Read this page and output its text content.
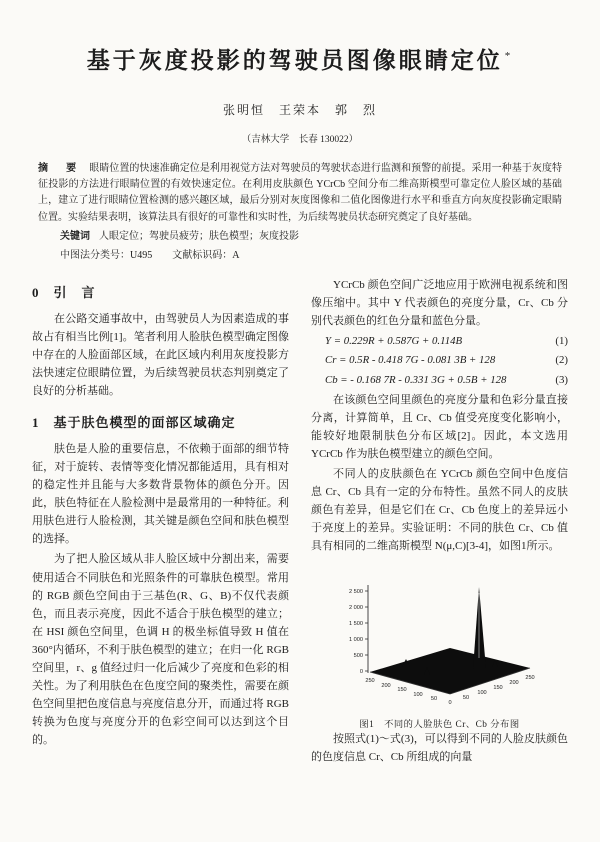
基于灰度投影的驾驶员图像眼睛定位 *
张明恒　王荣本　郭　烈
（吉林大学　长春 130022）

摘　要 眼睛位置的快速准确定位是利用视觉方法对驾驶员的驾驶状态进行监测和预警的前提。采用一种基于灰度特征投影的方法进行眼睛位置的有效快速定位。在利用皮肤颜色 YCrCb 空间分布二维高斯模型可靠定位人脸区域的基础上，建立了进行眼睛位置检测的感兴趣区域，最后分别对灰度图像和二值化图像进行水平和垂直方向灰度投影确定眼睛位置。实验结果表明，该算法具有很好的可靠性和实时性，为后续驾驶员状态研究奠定了良好基础。

关键词 人眼定位；驾驶员疲劳；肤色模型；灰度投影

中图法分类号：U495　　文献标识码：A

0　引　言

在公路交通事故中，由驾驶员人为因素造成的事故占有相当比例[1]。笔者利用人脸肤色模型确定图像中存在的人脸面部区域，在此区域内利用灰度投影方法快速定位眼睛位置，为后续驾驶员状态判别奠定了良好的分析基础。

1　基于肤色模型的面部区域确定

肤色是人脸的重要信息，不依赖于面部的细节特征，对于旋转、表情等变化情况都能适用，具有相对的稳定性并且能与大多数背景物体的颜色分开。因此，肤色特征在人脸检测中是最常用的一种特征。利用肤色进行人脸检测，其关键是颜色空间和肤色模型的选择。

为了把人脸区域从非人脸区域中分割出来，需要使用适合不同肤色和光照条件的可靠肤色模型。常用的 RGB 颜色空间由于三基色(R、G、B)不仅代表颜色，而且表示亮度，因此不适合于肤色模型的建立；在 HSI 颜色空间里，色调 H 的极坐标值导致 H 值在 360°内循环，不利于肤色模型的建立；在归一化 RGB 空间里，r、g 值经过归一化后减少了亮度和色彩的相关性。为了利用肤色在色度空间的聚类性，需要在颜色空间里把色度信息与亮度信息分开，而通过将 RGB 转换为色度与亮度分开的色彩空间可以达到这个目的。

YCrCb 颜色空间广泛地应用于欧洲电视系统和图像压缩中。其中 Y 代表颜色的亮度分量，Cr、Cb 分别代表颜色的红色分量和蓝色分量。

Y = 0.229R + 0.587G + 0.114B	(1)
Cr = 0.5R - 0.418 7G - 0.081 3B + 128	(2)
Cb = - 0.168 7R - 0.331 3G + 0.5B + 128	(3)

在该颜色空间里颜色的亮度分量和色彩分量直接分离，计算简单，且 Cr、Cb 值受亮度变化影响小，能较好地限制肤色分布区域[2]。因此，本文选用 YCrCb 作为肤色模型建立的颜色空间。

不同人的皮肤颜色在 YCrCb 颜色空间中色度信息 Cr、Cb 具有一定的分布特性。虽然不同人的皮肤颜色有差异，但是它们在 Cr、Cb 色度上的差异远小于亮度上的差异。实验证明：不同的肤色 Cr、Cb 值具有相同的二维高斯模型 N(μ,C)[3-4]，如图1所示。

2 500
2 000
1 500
1 000
500
0
250
200
150
100
50
0
50
100
150
200
250
图1　不同的人脸肤色 Cr、Cb 分布图

按照式(1)～式(3)，可以得到不同的人脸皮肤颜色的色度信息 Cr、Cb 所组成的向量
